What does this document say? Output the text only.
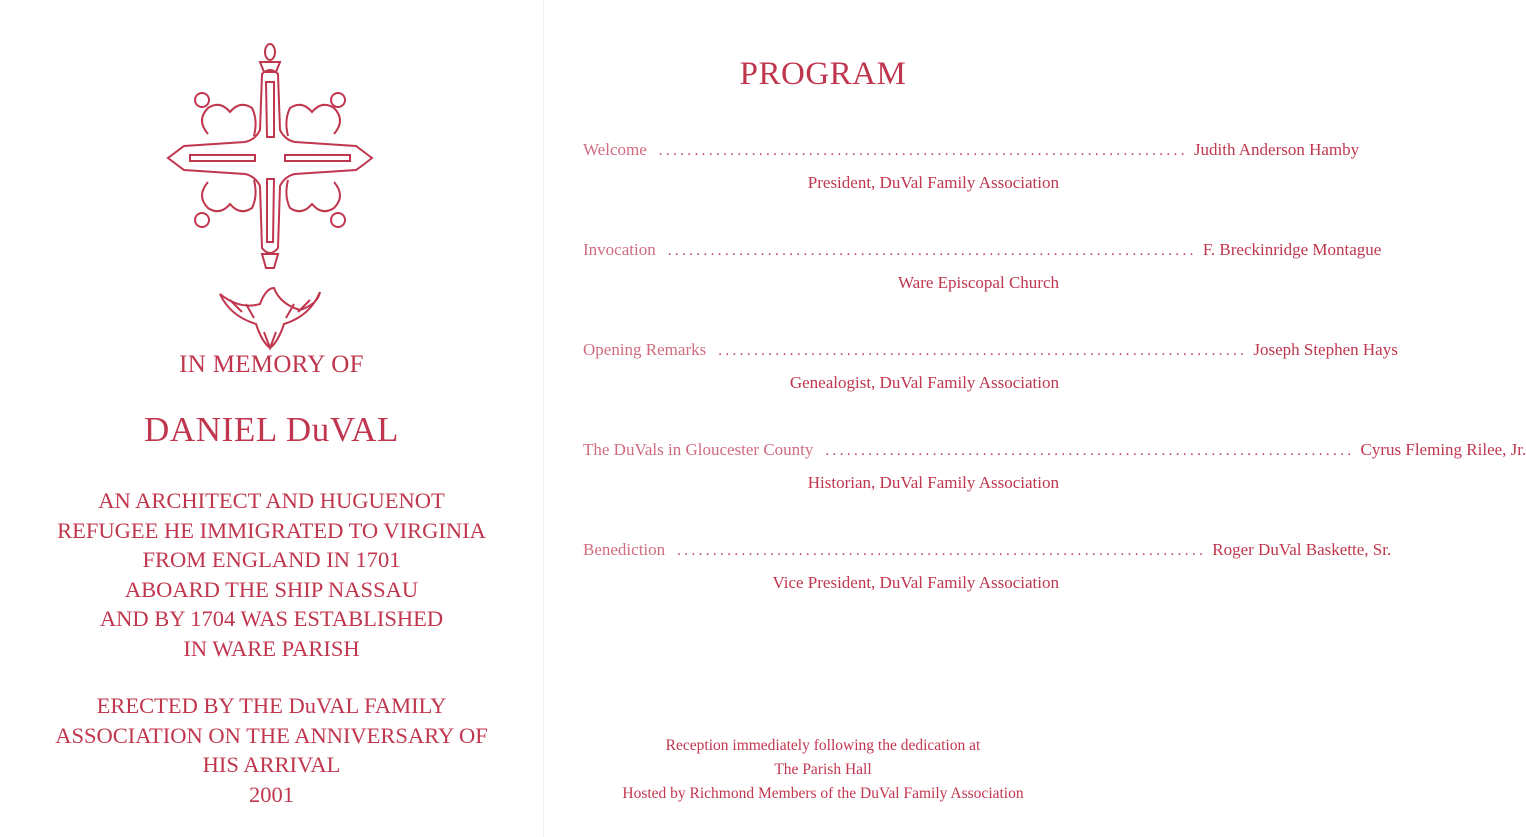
IN MEMORY OF
DANIEL DuVAL
AN ARCHITECT AND HUGUENOT
REFUGEE HE IMMIGRATED TO VIRGINIA
FROM ENGLAND IN 1701
ABOARD THE SHIP NASSAU
AND BY 1704 WAS ESTABLISHED
IN WARE PARISH
ERECTED BY THE DuVAL FAMILY
ASSOCIATION ON THE ANNIVERSARY OF
HIS ARRIVAL
2001
PROGRAM
Welcome .......................................................................... Judith Anderson Hamby
President, DuVal Family Association
Invocation .......................................................................... F. Breckinridge Montague
Ware Episcopal Church
Opening Remarks .......................................................................... Joseph Stephen Hays
Genealogist, DuVal Family Association
The DuVals in Gloucester County .......................................................................... Cyrus Fleming Rilee, Jr.
Historian, DuVal Family Association
Benediction .......................................................................... Roger DuVal Baskette, Sr.
Vice President, DuVal Family Association
Reception immediately following the dedication at
The Parish Hall
Hosted by Richmond Members of the DuVal Family Association
